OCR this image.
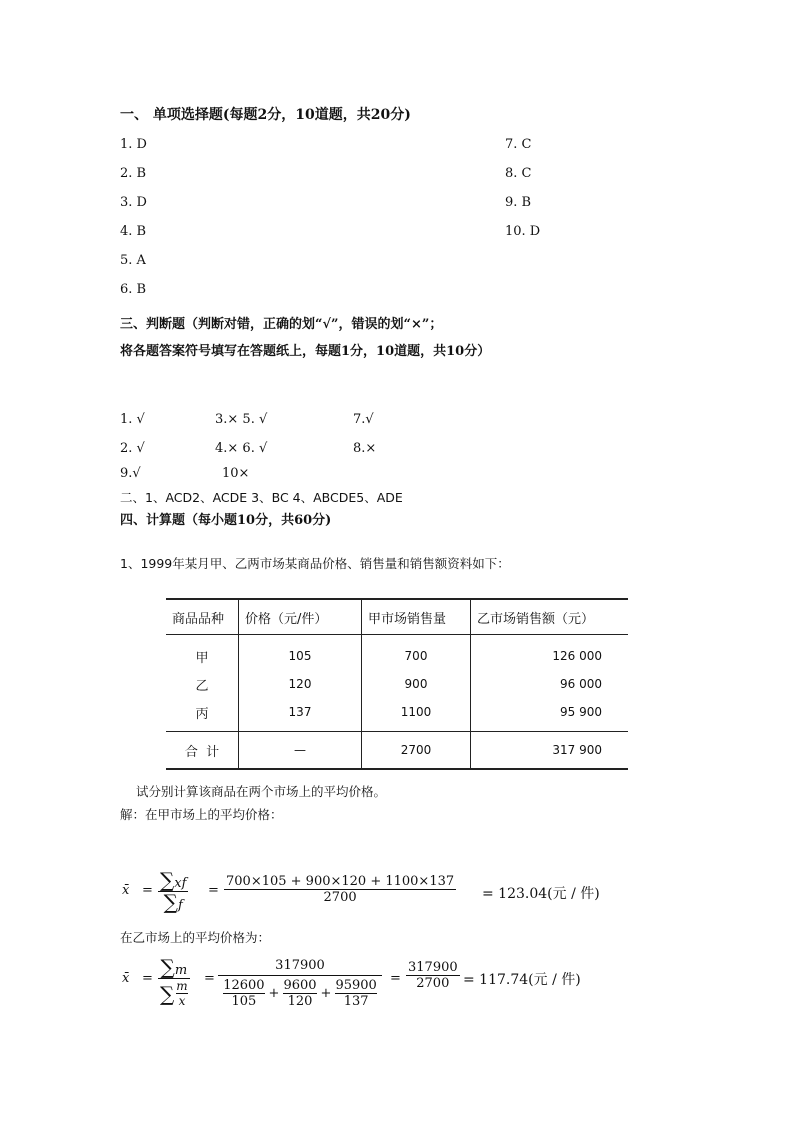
一、 单项选择题(每题2分，10道题，共20分)
1. D
2. B
3. D
4. B
5. A
6. B
7. C
8. C
9. B
10. D
三、判断题（判断对错，正确的划“√”，错误的划“×”；
将各题答案符号填写在答题纸上，每题1分，10道题，共10分）
1. √	3.× 5. √	7.√
2. √	4.× 6. √	8.×
9.√	10×
二、1、ACD2、ACDE 3、BC 4、ABCDE5、ADE
四、计算题（每小题10分，共60分)
1、1999年某月甲、乙两市场某商品价格、销售量和销售额资料如下：
商品品种	价格（元/件）	甲市场销售量	乙市场销售额（元）
甲	105	700	126 000
乙	120	900	96 000
丙	137	1100	95 900
合  计	—	2700	317 900
试分别计算该商品在两个市场上的平均价格。
解：在甲市场上的平均价格：
x̄ = ∑xf
∑f
=
700×105 + 900×120 + 1100×137
2700	= 123.04(元 / 件)
在乙市场上的平均价格为：
x̄ = ∑m
∑ m
x
=
317900
12600
105
+
9600
120
+
95900
137
=
317900
2700 = 117.74(元 / 件)
